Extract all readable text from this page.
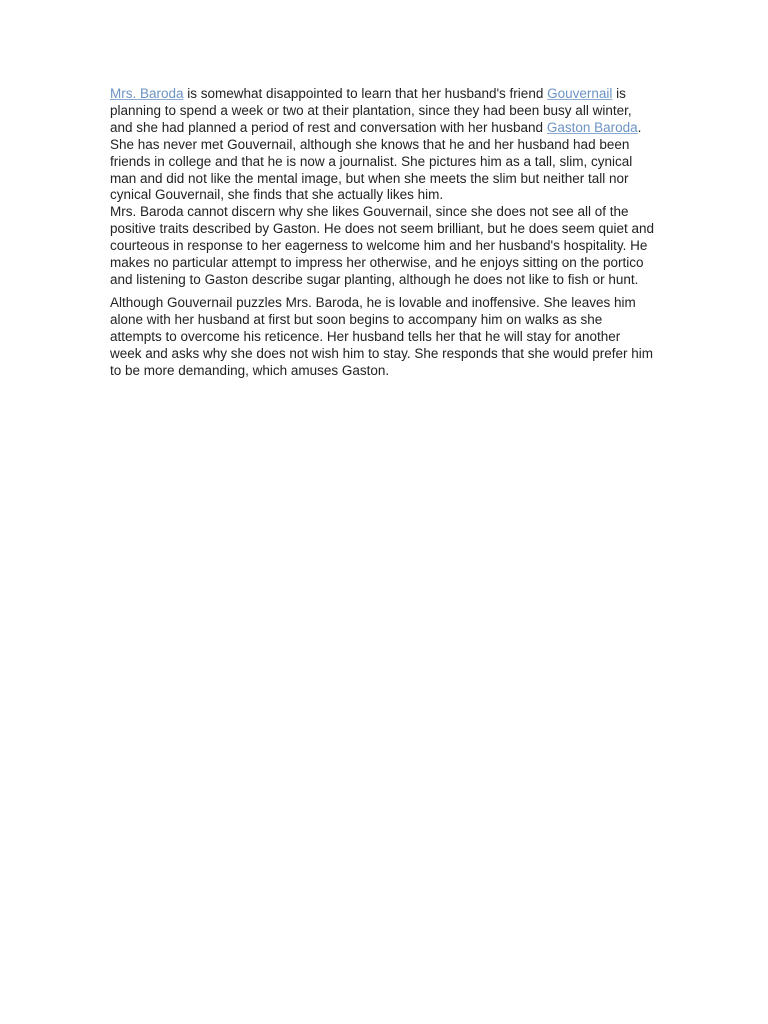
Mrs. Baroda is somewhat disappointed to learn that her husband's friend Gouvernail is planning to spend a week or two at their plantation, since they had been busy all winter, and she had planned a period of rest and conversation with her husband Gaston Baroda. She has never met Gouvernail, although she knows that he and her husband had been friends in college and that he is now a journalist. She pictures him as a tall, slim, cynical man and did not like the mental image, but when she meets the slim but neither tall nor cynical Gouvernail, she finds that she actually likes him.

Mrs. Baroda cannot discern why she likes Gouvernail, since she does not see all of the positive traits described by Gaston. He does not seem brilliant, but he does seem quiet and courteous in response to her eagerness to welcome him and her husband's hospitality. He makes no particular attempt to impress her otherwise, and he enjoys sitting on the portico and listening to Gaston describe sugar planting, although he does not like to fish or hunt.

Although Gouvernail puzzles Mrs. Baroda, he is lovable and inoffensive. She leaves him alone with her husband at first but soon begins to accompany him on walks as she attempts to overcome his reticence. Her husband tells her that he will stay for another week and asks why she does not wish him to stay. She responds that she would prefer him to be more demanding, which amuses Gaston.
